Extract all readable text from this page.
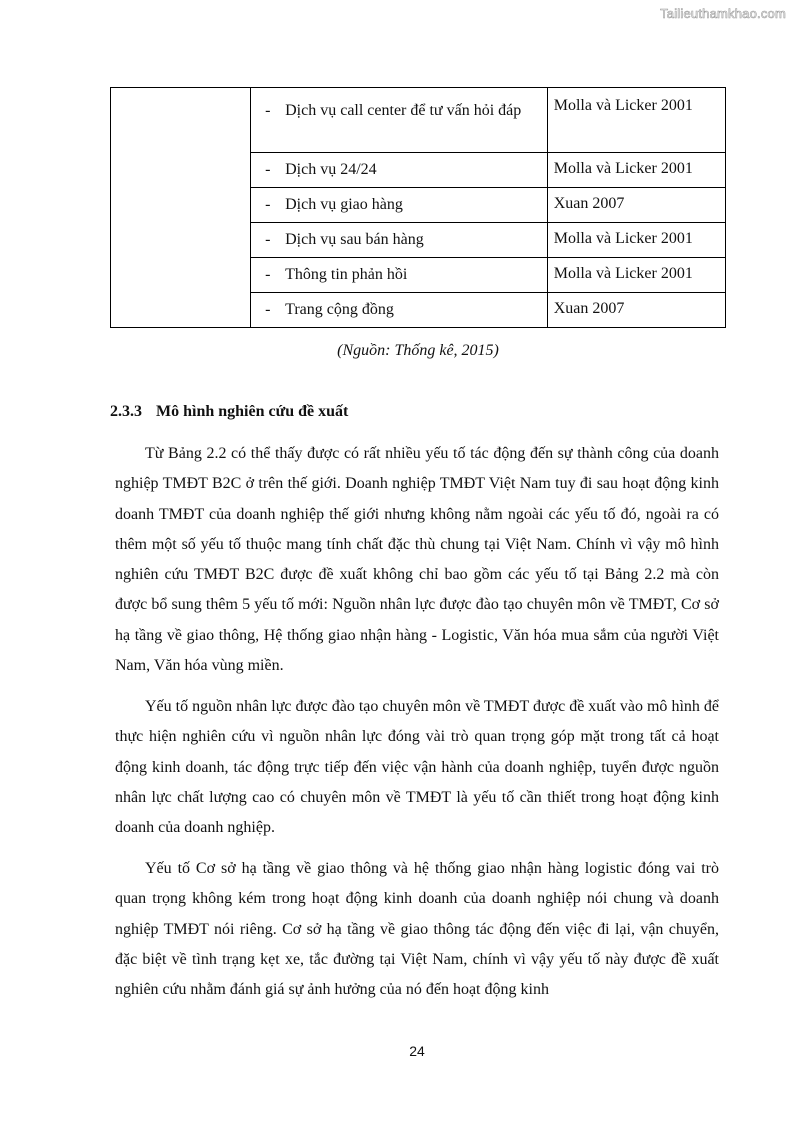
Tailieuthamkhao.com

	- Dịch vụ call center để tư vấn hỏi đáp	Molla và Licker 2001

	- Dịch vụ 24/24	Molla và Licker 2001

	- Dịch vụ giao hàng	Xuan 2007

	- Dịch vụ sau bán hàng	Molla và Licker 2001

	- Thông tin phản hồi	Molla và Licker 2001

	- Trang cộng đồng	Xuan 2007
(Nguồn: Thống kê, 2015)
2.3.3 Mô hình nghiên cứu đề xuất

Từ Bảng 2.2 có thể thấy được có rất nhiều yếu tố tác động đến sự thành công của doanh nghiệp TMĐT B2C ở trên thế giới. Doanh nghiệp TMĐT Việt Nam tuy đi sau hoạt động kinh doanh TMĐT của doanh nghiệp thế giới nhưng không nằm ngoài các yếu tố đó, ngoài ra có thêm một số yếu tố thuộc mang tính chất đặc thù chung tại Việt Nam. Chính vì vậy mô hình nghiên cứu TMĐT B2C được đề xuất không chỉ bao gồm các yếu tố tại Bảng 2.2 mà còn được bổ sung thêm 5 yếu tố mới: Nguồn nhân lực được đào tạo chuyên môn về TMĐT, Cơ sở hạ tầng về giao thông, Hệ thống giao nhận hàng - Logistic, Văn hóa mua sắm của người Việt Nam, Văn hóa vùng miền.

Yếu tố nguồn nhân lực được đào tạo chuyên môn về TMĐT được đề xuất vào mô hình để thực hiện nghiên cứu vì nguồn nhân lực đóng vài trò quan trọng góp mặt trong tất cả hoạt động kinh doanh, tác động trực tiếp đến việc vận hành của doanh nghiệp, tuyển được nguồn nhân lực chất lượng cao có chuyên môn về TMĐT là yếu tố cần thiết trong hoạt động kinh doanh của doanh nghiệp.

Yếu tố Cơ sở hạ tầng về giao thông và hệ thống giao nhận hàng logistic đóng vai trò quan trọng không kém trong hoạt động kinh doanh của doanh nghiệp nói chung và doanh nghiệp TMĐT nói riêng. Cơ sở hạ tầng về giao thông tác động đến việc đi lại, vận chuyển, đặc biệt về tình trạng kẹt xe, tắc đường tại Việt Nam, chính vì vậy yếu tố này được đề xuất nghiên cứu nhằm đánh giá sự ảnh hưởng của nó đến hoạt động kinh

24
